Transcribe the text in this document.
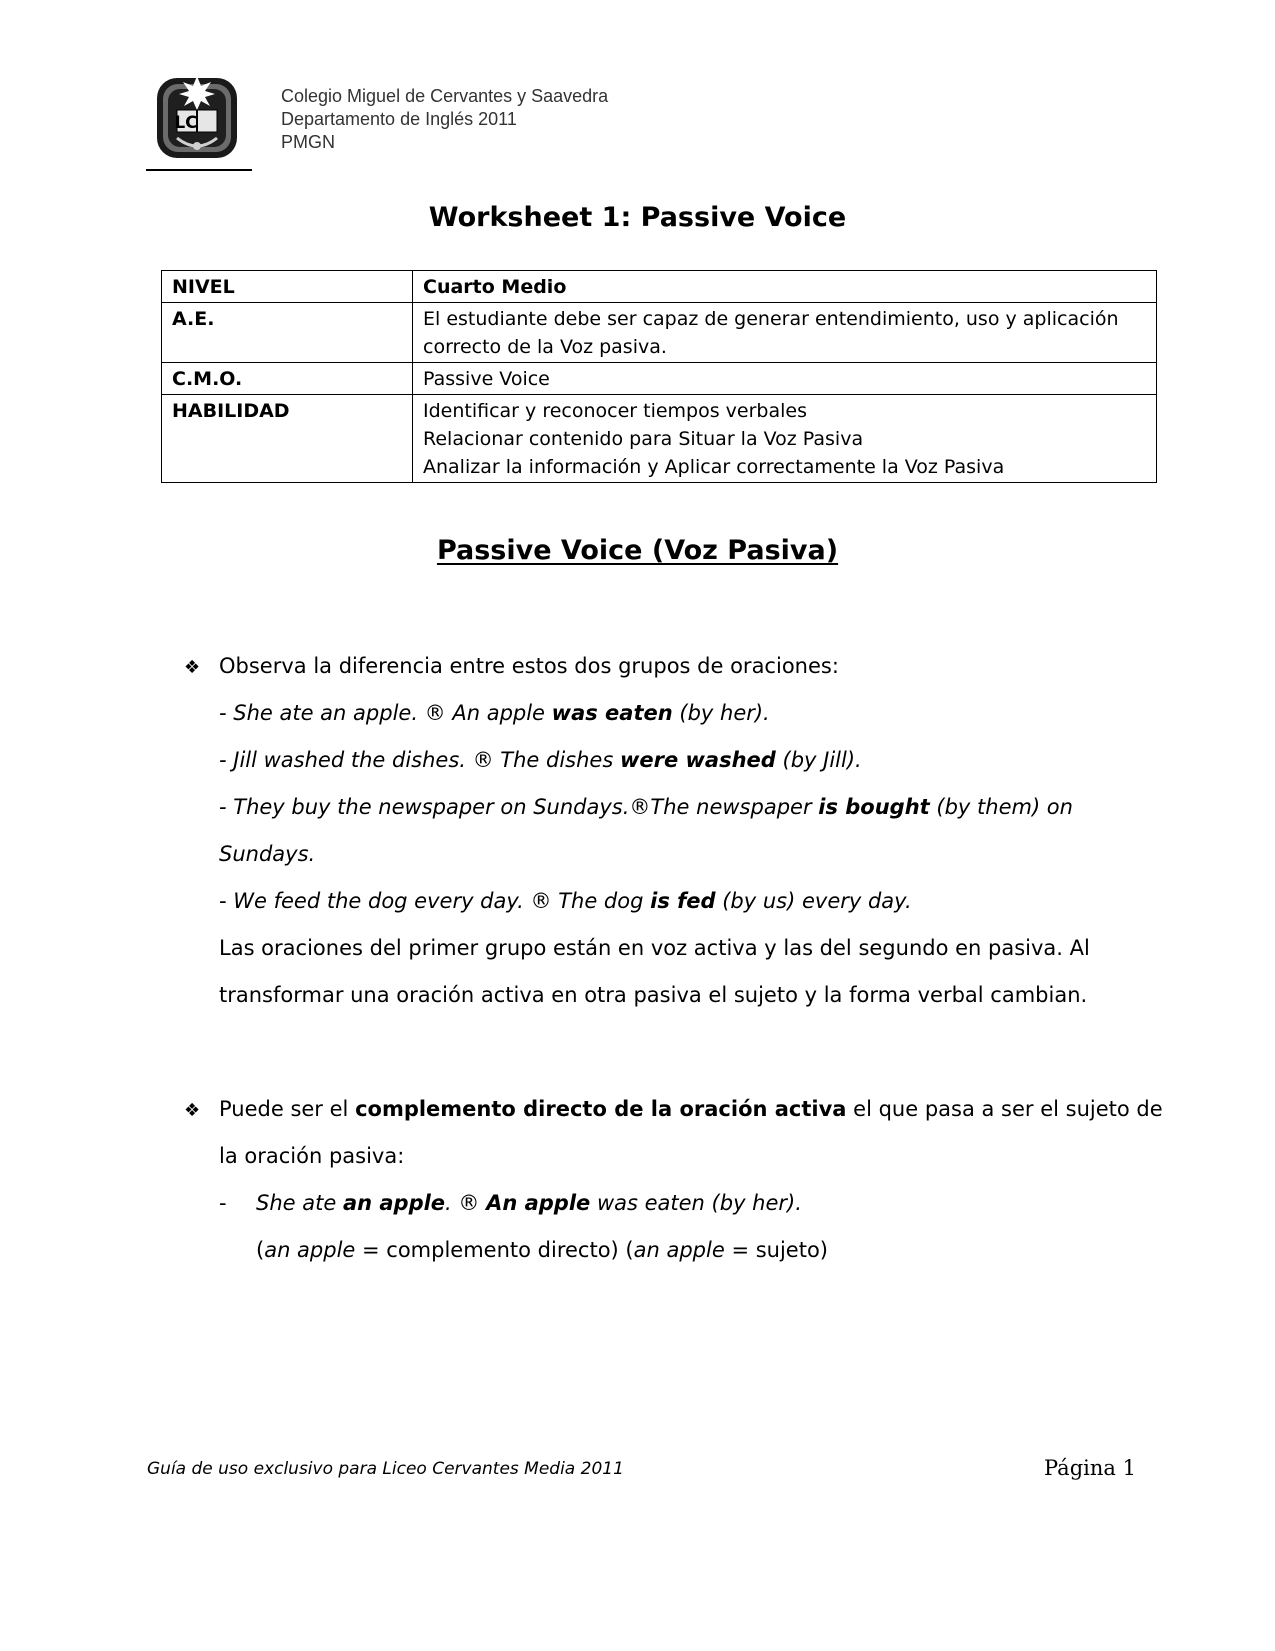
LC
Colegio Miguel de Cervantes y Saavedra
Departamento de Inglés 2011
PMGN
Worksheet 1: Passive Voice
NIVEL	Cuarto Medio

A.E.	El estudiante debe ser capaz de generar entendimiento, uso y aplicación
correcto de la Voz pasiva.

C.M.O.	Passive Voice

HABILIDAD	Identificar y reconocer tiempos verbales
Relacionar contenido para Situar la Voz Pasiva
Analizar la información y Aplicar correctamente la Voz Pasiva
Passive Voice (Voz Pasiva)
❖ Observa la diferencia entre estos dos grupos de oraciones:
- She ate an apple. ® An apple was eaten (by her).
- Jill washed the dishes. ® The dishes were washed (by Jill).
- They buy the newspaper on Sundays.®The newspaper is bought (by them) on
Sundays.
- We feed the dog every day. ® The dog is fed (by us) every day.
Las oraciones del primer grupo están en voz activa y las del segundo en pasiva. Al
transformar una oración activa en otra pasiva el sujeto y la forma verbal cambian.
❖ Puede ser el complemento directo de la oración activa el que pasa a ser el sujeto de
la oración pasiva:
- She ate an apple. ® An apple was eaten (by her).
(an apple = complemento directo) (an apple = sujeto)
Guía de uso exclusivo para Liceo Cervantes Media 2011	Página 1
